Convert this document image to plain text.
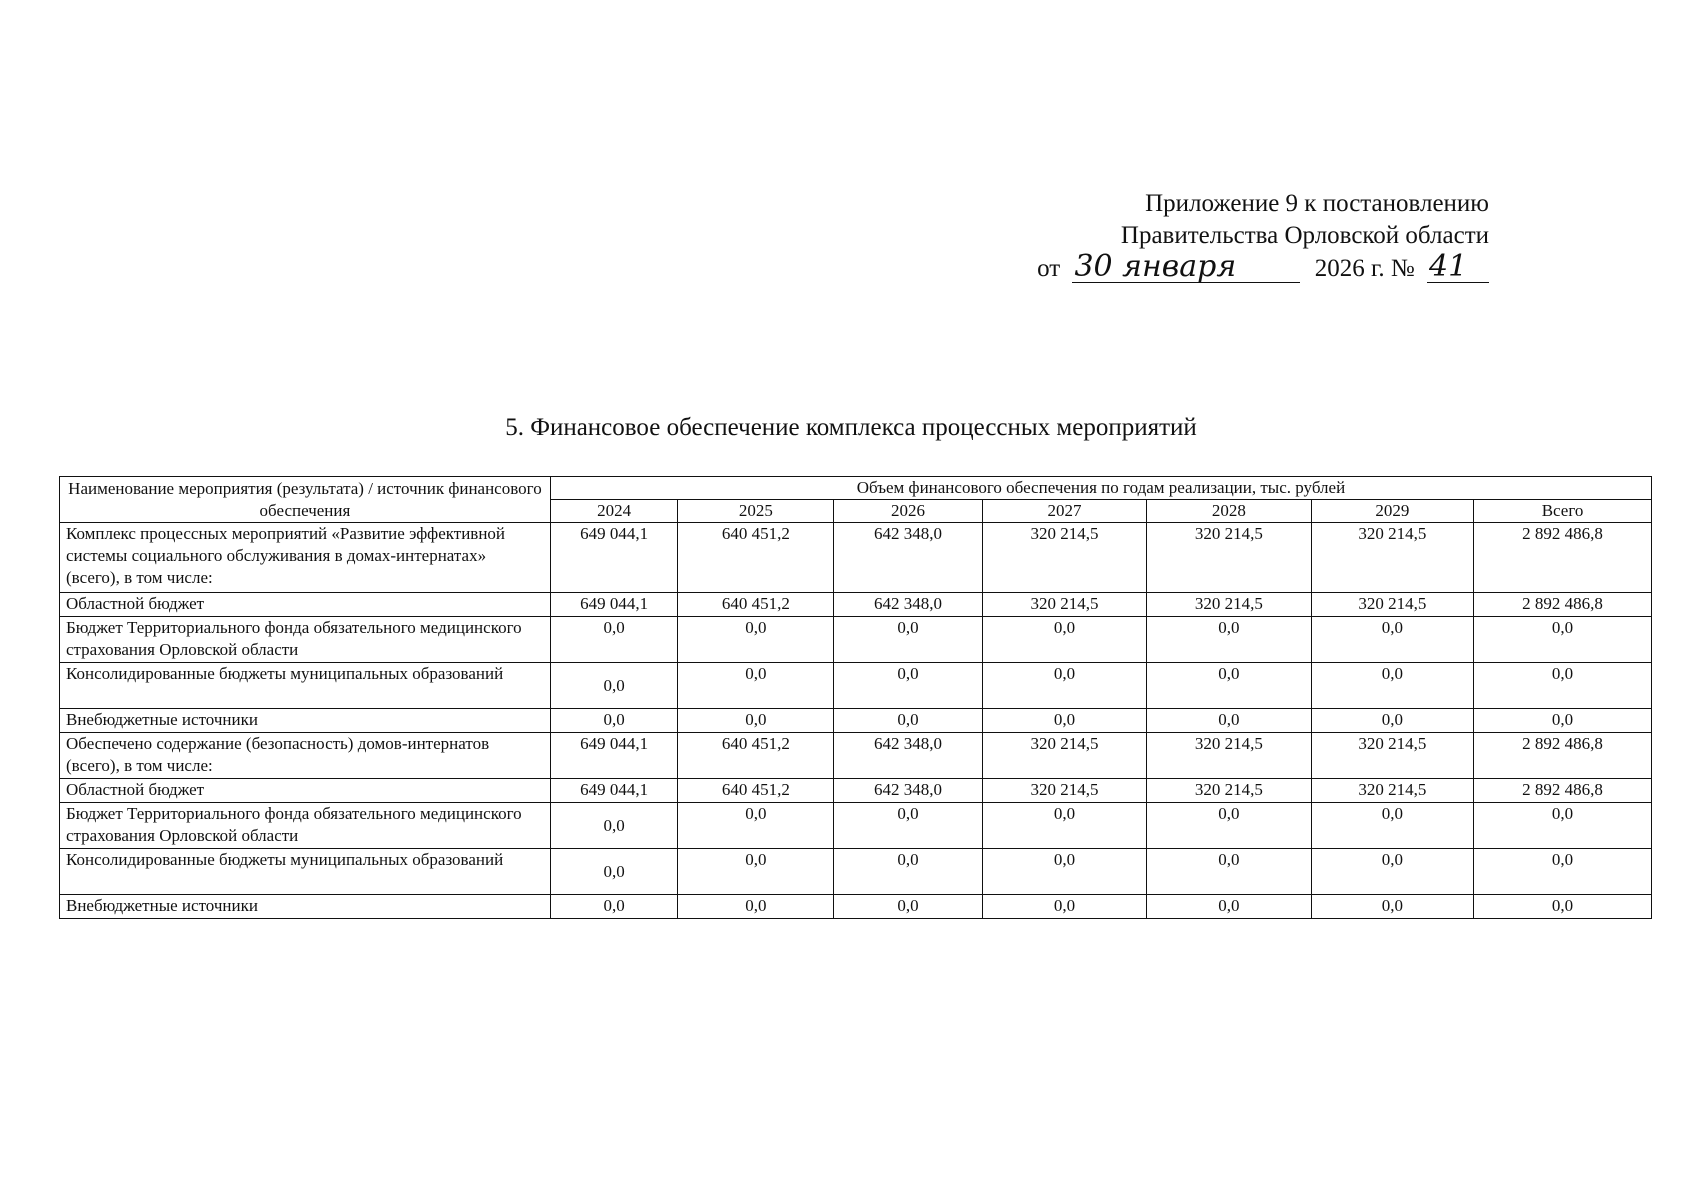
Приложение 9 к постановлению
Правительства Орловской области
от 30 января	2026 г. № 41
5. Финансовое обеспечение комплекса процессных мероприятий
Наименование мероприятия (результата) / источник финансового обеспечения	Объем финансового обеспечения по годам реализации, тыс. рублей						
	2024	2025	2026	2027	2028	2029	Всего
Комплекс процессных мероприятий «Развитие эффективной системы социального обслуживания в домах-интернатах» (всего), в том числе:	649 044,1	640 451,2	642 348,0	320 214,5	320 214,5	320 214,5	2 892 486,8
Областной бюджет	649 044,1	640 451,2	642 348,0	320 214,5	320 214,5	320 214,5	2 892 486,8
Бюджет Территориального фонда обязательного медицинского страхования Орловской области	0,0	0,0	0,0	0,0	0,0	0,0	0,0
Консолидированные бюджеты муниципальных образований	0,0	0,0	0,0	0,0	0,0	0,0	0,0
Внебюджетные источники	0,0	0,0	0,0	0,0	0,0	0,0	0,0
Обеспечено содержание (безопасность) домов-интернатов (всего), в том числе:	649 044,1	640 451,2	642 348,0	320 214,5	320 214,5	320 214,5	2 892 486,8
Областной бюджет	649 044,1	640 451,2	642 348,0	320 214,5	320 214,5	320 214,5	2 892 486,8
Бюджет Территориального фонда обязательного медицинского страхования Орловской области	0,0	0,0	0,0	0,0	0,0	0,0	0,0
Консолидированные бюджеты муниципальных образований	0,0	0,0	0,0	0,0	0,0	0,0	0,0
Внебюджетные источники	0,0	0,0	0,0	0,0	0,0	0,0	0,0
